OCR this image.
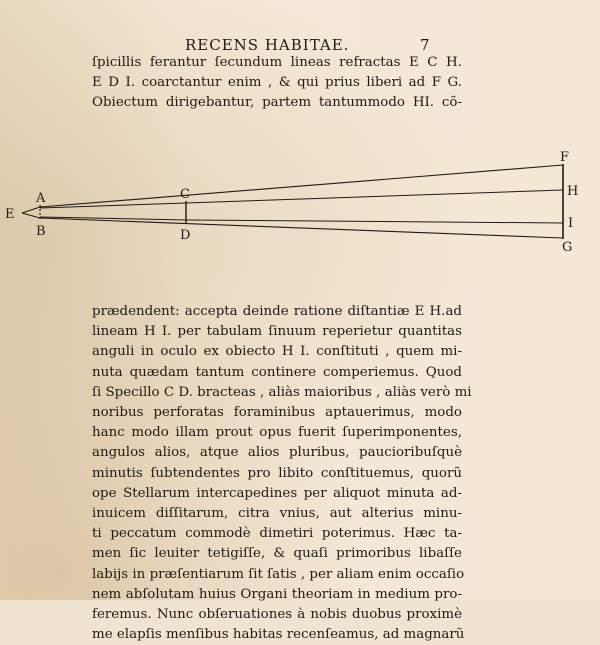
RECENS HABITAE.	7
ſpicillis ferantur ſecundum lineas refractas E C H.
E D I. coarctantur enim , & qui prius liberi ad F G.
Obiectum dirigebantur, partem tantummodo HI. cõ-
E
A
B
C
D
F
H
I
G
prædendent: accepta deinde ratione diſtantiæ E H.ad
lineam H I. per tabulam ſinuum reperietur quantitas
anguli in oculo ex obiecto H I. conſtituti , quem mi-
nuta quædam tantum continere comperiemus. Quod
ſi Specillo C D. bracteas , aliàs maioribus , aliàs verò mi
noribus perforatas foraminibus aptauerimus, modo
hanc modo illam prout opus fuerit ſuperimponentes,
angulos alios, atque alios pluribus, paucioribuſquè
minutis ſubtendentes pro libito conſtituemus, quorũ
ope Stellarum intercapedines per aliquot minuta ad-
inuicem diſſitarum, citra vnius, aut alterius minu-
ti peccatum commodè dimetiri poterimus. Hæc ta-
men ſic leuiter tetigiſſe, & quaſi primoribus libaſſe
labijs in præſentiarum ſit ſatis , per aliam enim occaſio
nem abſolutam huius Organi theoriam in medium pro-
feremus. Nunc obſeruationes à nobis duobus proximè
me elapſis menſibus habitas recenſeamus, ad magnarũ
